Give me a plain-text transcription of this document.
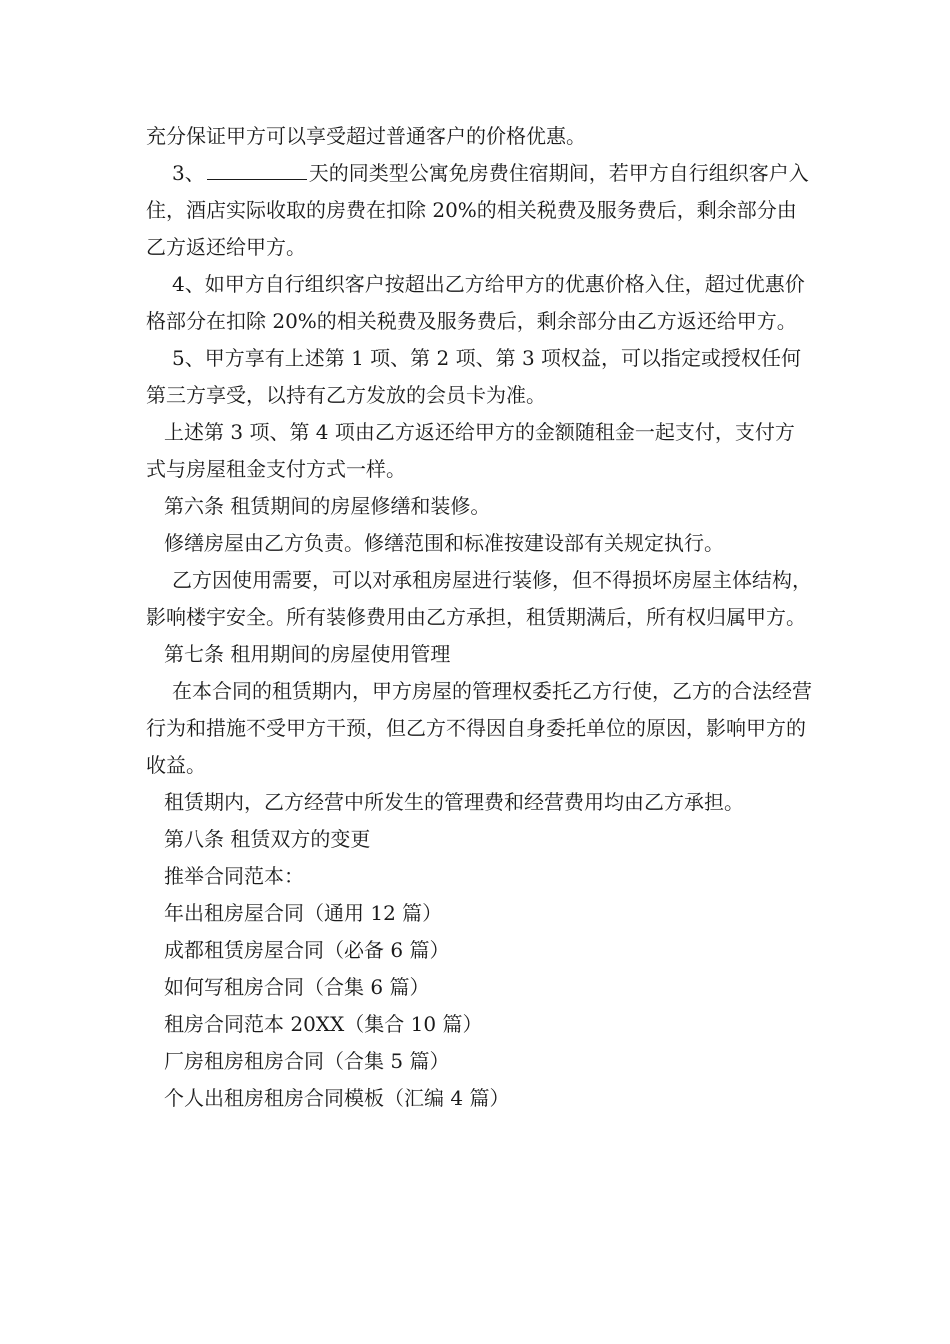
充分保证甲方可以享受超过普通客户的价格优惠。

3、	天的同类型公寓免房费住宿期间，若甲方自行组织客户入住，酒店实际收取的房费在扣除 20%的相关税费及服务费后，剩余部分由乙方返还给甲方。

4、如甲方自行组织客户按超出乙方给甲方的优惠价格入住，超过优惠价格部分在扣除 20%的相关税费及服务费后，剩余部分由乙方返还给甲方。

5、甲方享有上述第 1 项、第 2 项、第 3 项权益，可以指定或授权任何第三方享受，以持有乙方发放的会员卡为准。

上述第 3 项、第 4 项由乙方返还给甲方的金额随租金一起支付，支付方式与房屋租金支付方式一样。

第六条 租赁期间的房屋修缮和装修。

修缮房屋由乙方负责。修缮范围和标准按建设部有关规定执行。

乙方因使用需要，可以对承租房屋进行装修，但不得损坏房屋主体结构，影响楼宇安全。所有装修费用由乙方承担，租赁期满后，所有权归属甲方。

第七条 租用期间的房屋使用管理

在本合同的租赁期内，甲方房屋的管理权委托乙方行使，乙方的合法经营行为和措施不受甲方干预，但乙方不得因自身委托单位的原因，影响甲方的收益。

租赁期内，乙方经营中所发生的管理费和经营费用均由乙方承担。

第八条 租赁双方的变更

推举合同范本：

年出租房屋合同（通用 12 篇）

成都租赁房屋合同（必备 6 篇）

如何写租房合同（合集 6 篇）

租房合同范本 20XX（集合 10 篇）

厂房租房租房合同（合集 5 篇）

个人出租房租房合同模板（汇编 4 篇）
